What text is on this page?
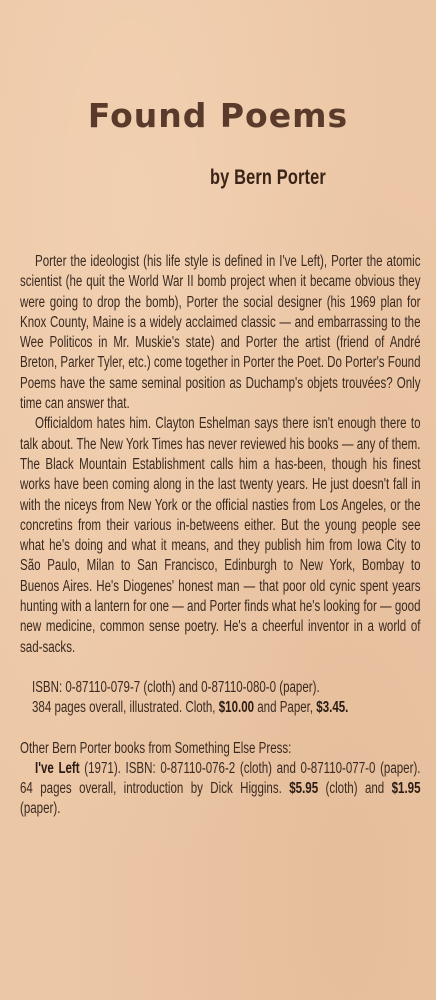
Found Poems
by Bern Porter

Porter the ideologist (his life style is defined in I've Left), Porter the atomic scientist (he quit the World War II bomb project when it became obvious they were going to drop the bomb), Porter the social designer (his 1969 plan for Knox County, Maine is a widely acclaimed classic — and embarrassing to the Wee Politicos in Mr. Muskie's state) and Porter the artist (friend of André Breton, Parker Tyler, etc.) come together in Porter the Poet. Do Porter's Found Poems have the same seminal position as Duchamp's objets trouvées? Only time can answer that.

Officialdom hates him. Clayton Eshelman says there isn't enough there to talk about. The New York Times has never reviewed his books — any of them. The Black Mountain Establishment calls him a has-been, though his finest works have been coming along in the last twenty years. He just doesn't fall in with the niceys from New York or the official nasties from Los Angeles, or the concretins from their various in-betweens either. But the young people see what he's doing and what it means, and they publish him from Iowa City to São Paulo, Milan to San Francisco, Edinburgh to New York, Bombay to Buenos Aires. He's Diogenes' honest man — that poor old cynic spent years hunting with a lantern for one — and Porter finds what he's looking for — good new medicine, common sense poetry. He's a cheerful inventor in a world of sad-sacks.

ISBN: 0-87110-079-7 (cloth) and 0-87110-080-0 (paper).

384 pages overall, illustrated. Cloth, $10.00 and Paper, $3.45.

Other Bern Porter books from Something Else Press:

I've Left (1971). ISBN: 0-87110-076-2 (cloth) and 0-87110-077-0 (paper). 64 pages overall, introduction by Dick Higgins. $5.95 (cloth) and $1.95 (paper).
